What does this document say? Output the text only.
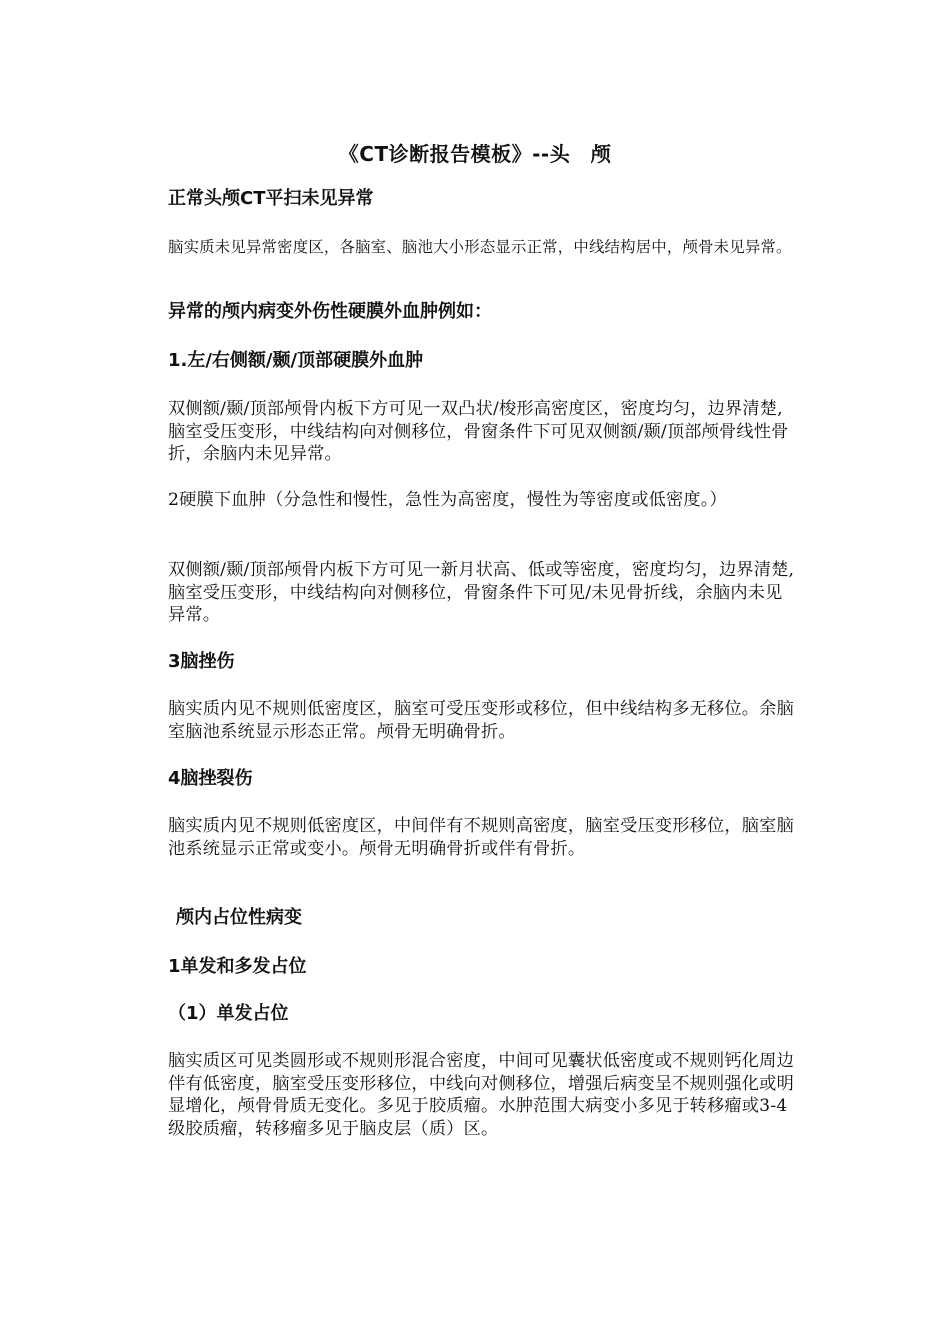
《CT诊断报告模板》--头　颅
正常头颅CT平扫未见异常
脑实质未见异常密度区，各脑室、脑池大小形态显示正常，中线结构居中，颅骨未见异常。
异常的颅内病变外伤性硬膜外血肿例如：
1.左/右侧额/颞/顶部硬膜外血肿
双侧额/颞/顶部颅骨内板下方可见一双凸状/梭形高密度区，密度均匀，边界清楚,脑室受压变形，中线结构向对侧移位，骨窗条件下可见双侧额/颞/顶部颅骨线性骨折，余脑内未见异常。
2硬膜下血肿（分急性和慢性，急性为高密度，慢性为等密度或低密度。）
双侧额/颞/顶部颅骨内板下方可见一新月状高、低或等密度，密度均匀，边界清楚,脑室受压变形，中线结构向对侧移位，骨窗条件下可见/未见骨折线，余脑内未见异常。
3脑挫伤
脑实质内见不规则低密度区，脑室可受压变形或移位，但中线结构多无移位。余脑室脑池系统显示形态正常。颅骨无明确骨折。
4脑挫裂伤
脑实质内见不规则低密度区，中间伴有不规则高密度，脑室受压变形移位，脑室脑池系统显示正常或变小。颅骨无明确骨折或伴有骨折。
颅内占位性病变
1单发和多发占位
（1）单发占位
脑实质区可见类圆形或不规则形混合密度，中间可见囊状低密度或不规则钙化周边伴有低密度，脑室受压变形移位，中线向对侧移位，增强后病变呈不规则强化或明显增化，颅骨骨质无变化。多见于胶质瘤。水肿范围大病变小多见于转移瘤或3-4级胶质瘤，转移瘤多见于脑皮层（质）区。
